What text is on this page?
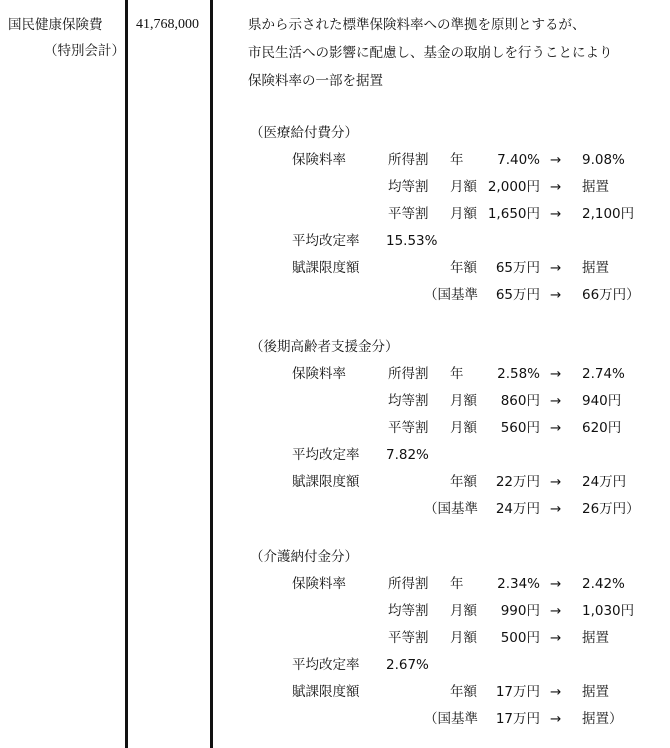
国民健康保険費
（特別会計）
41,768,000	県から示された標準保険料率への準拠を原則とするが、
市民生活への影響に配慮し、基金の取崩しを行うことにより
保険料率の一部を据置
（医療給付費分）
保険料率	所得割 年	7.40% → 9.08%
均等割 月額 2,000円 → 据置
平等割 月額 1,650円 → 2,100円
平均改定率 15.53%
賦課限度額	年額	65万円 → 据置
（国基準	65万円 → 66万円）
（後期高齢者支援金分）
保険料率	所得割 年	2.58% → 2.74%
均等割 月額	860円 → 940円
平等割 月額	560円 → 620円
平均改定率 7.82%
賦課限度額	年額	22万円 → 24万円
（国基準	24万円 → 26万円）
（介護納付金分）
保険料率	所得割 年	2.34% → 2.42%
均等割 月額	990円 → 1,030円
平等割 月額	500円 → 据置
平均改定率 2.67%
賦課限度額	年額	17万円 → 据置
（国基準	17万円 → 据置）
